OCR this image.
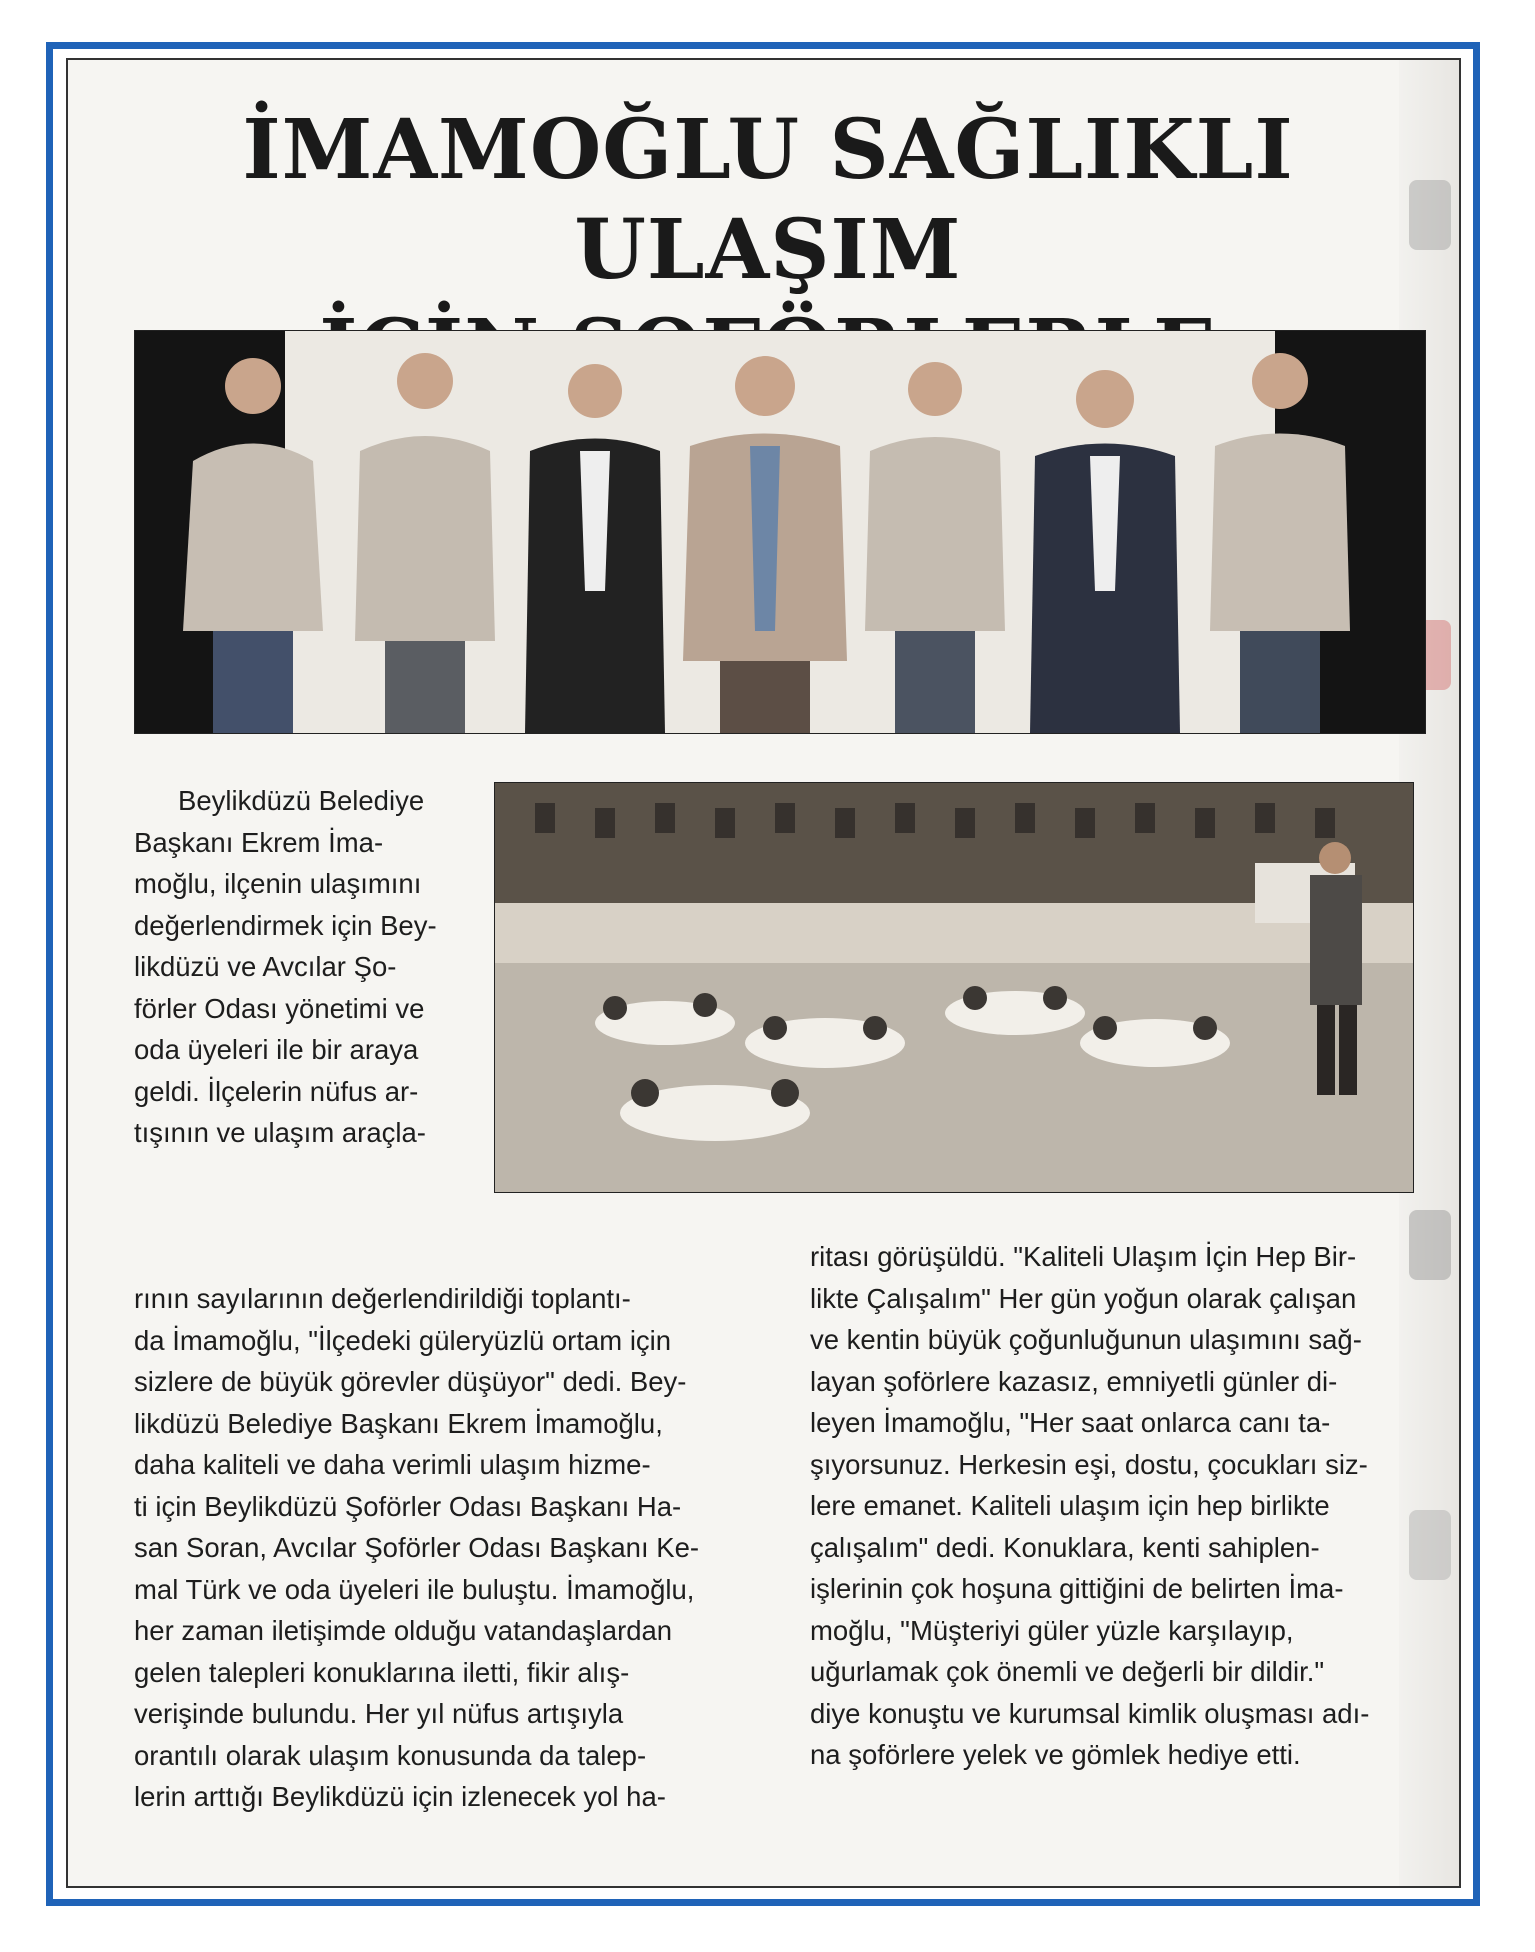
İMAMOĞLU SAĞLIKLI ULAŞIM

Beylikdüzü Belediye
Başkanı Ekrem İma-
moğlu, ilçenin ulaşımını
değerlendirmek için Bey-
likdüzü ve Avcılar Şo-
förler Odası yönetimi ve
oda üyeleri ile bir araya
geldi. İlçelerin nüfus ar-
tışının ve ulaşım araçla-

rının sayılarının değerlendirildiği toplantı-
da İmamoğlu, "İlçedeki güleryüzlü ortam için
sizlere de büyük görevler düşüyor" dedi. Bey-
likdüzü Belediye Başkanı Ekrem İmamoğlu,
daha kaliteli ve daha verimli ulaşım hizme-
ti için Beylikdüzü Şoförler Odası Başkanı Ha-
san Soran, Avcılar Şoförler Odası Başkanı Ke-
mal Türk ve oda üyeleri ile buluştu. İmamoğlu,
her zaman iletişimde olduğu vatandaşlardan
gelen talepleri konuklarına iletti, fikir alış-
verişinde bulundu. Her yıl nüfus artışıyla
orantılı olarak ulaşım konusunda da talep-
lerin arttığı Beylikdüzü için izlenecek yol ha-

ritası görüşüldü. "Kaliteli Ulaşım İçin Hep Bir-
likte Çalışalım" Her gün yoğun olarak çalışan
ve kentin büyük çoğunluğunun ulaşımını sağ-
layan şoförlere kazasız, emniyetli günler di-
leyen İmamoğlu, "Her saat onlarca canı ta-
şıyorsunuz. Herkesin eşi, dostu, çocukları siz-
lere emanet. Kaliteli ulaşım için hep birlikte
çalışalım" dedi. Konuklara, kenti sahiplen-
işlerinin çok hoşuna gittiğini de belirten İma-
moğlu, "Müşteriyi güler yüzle karşılayıp,
uğurlamak çok önemli ve değerli bir dildir."
diye konuştu ve kurumsal kimlik oluşması adı-
na şoförlere yelek ve gömlek hediye etti.
